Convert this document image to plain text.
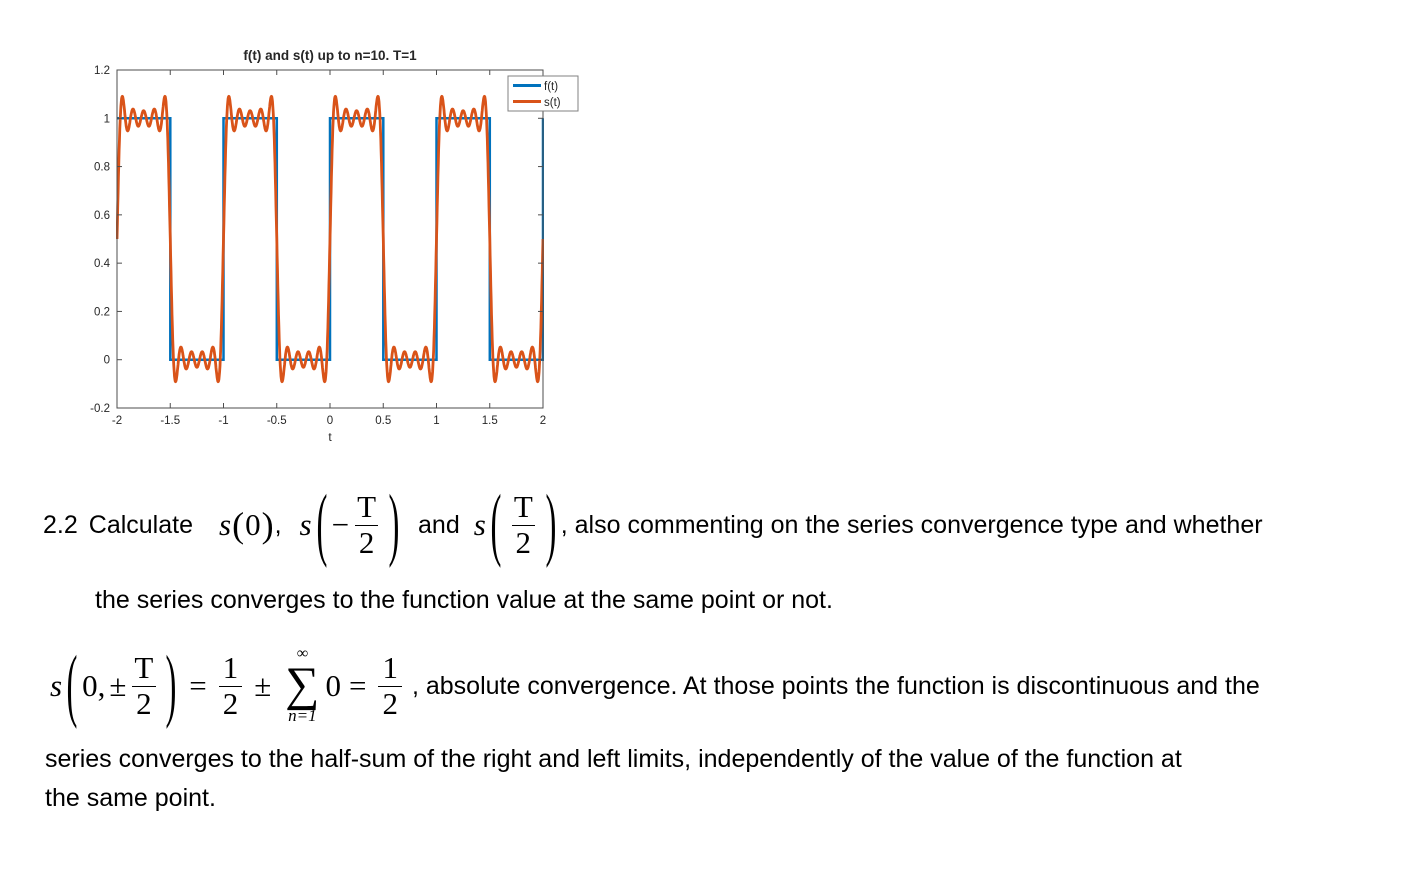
-2	-1.5	-1	-0.5	0	0.5	1	1.5	2
-0.2
0
0.2
0.4
0.6
0.8
1
1.2
f(t) and s(t) up to n=10. T=1
t
f(t)
s(t)
2.2 Calculate s ( 0 ) , s ( − $\frac{T}{2}$ ) and s ( $\frac{T}{2}$ ) , also commenting on the series convergence type and whether
the series converges to the function value at the same point or not.
s ( 0, ± $\frac{T}{2}$ ) = $\frac{1}{2}$ ±
∞
∑
n=1
$0 = \frac{1}{2}$ , absolute convergence. At those points the function is discontinuous and the
series converges to the half-sum of the right and left limits, independently of the value of the function at
the same point.
